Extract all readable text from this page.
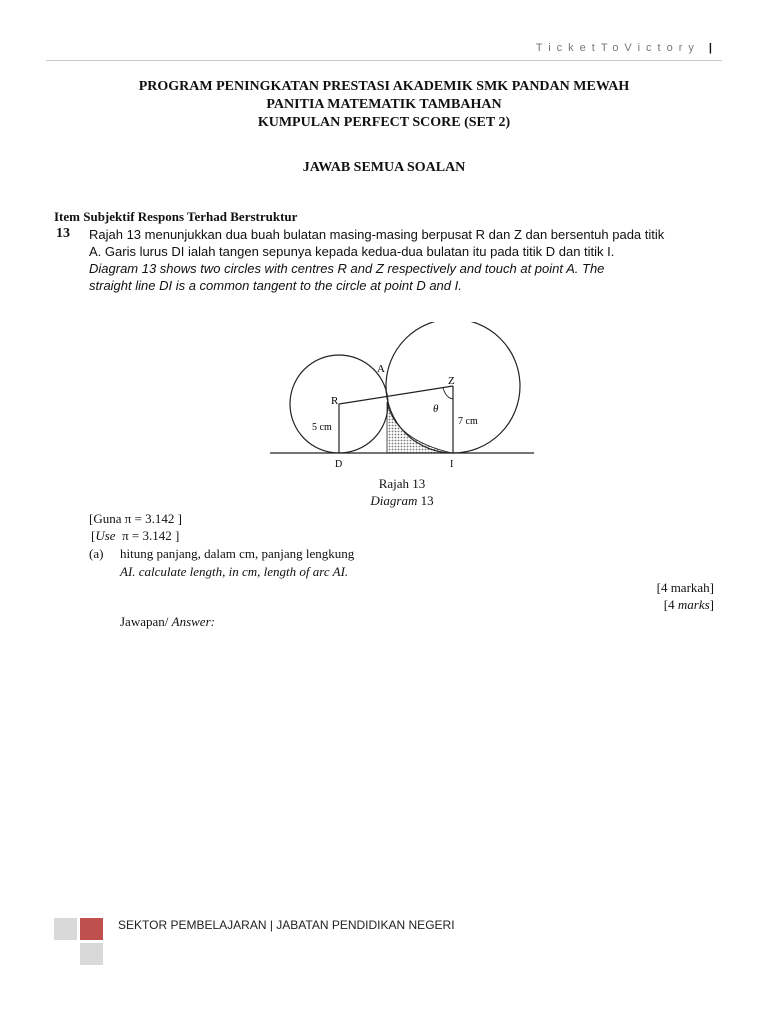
TicketToVictory |
PROGRAM PENINGKATAN PRESTASI AKADEMIK SMK PANDAN MEWAH
PANITIA MATEMATIK TAMBAHAN
KUMPULAN PERFECT SCORE (SET 2)
JAWAB SEMUA SOALAN
Item Subjektif Respons Terhad Berstruktur
13 Rajah 13 menunjukkan dua buah bulatan masing-masing berpusat R dan Z dan bersentuh pada titik
A. Garis lurus DI ialah tangen sepunya kepada kedua-dua bulatan itu pada titik D dan titik I.
Diagram 13 shows two circles with centres R and Z respectively and touch at point A. The
straight line DI is a common tangent to the circle at point D and I.
A
R
Z
θ
5 cm
7 cm
D	I
Rajah 13
Diagram 13
[Guna π = 3.142 ]
[Use π = 3.142 ]
(a) hitung panjang, dalam cm, panjang lengkung
AI. calculate length, in cm, length of arc AI.
[4 markah]
[4 marks]
Jawapan/ Answer:
SEKTOR PEMBELAJARAN | JABATAN PENDIDIKAN NEGERI
